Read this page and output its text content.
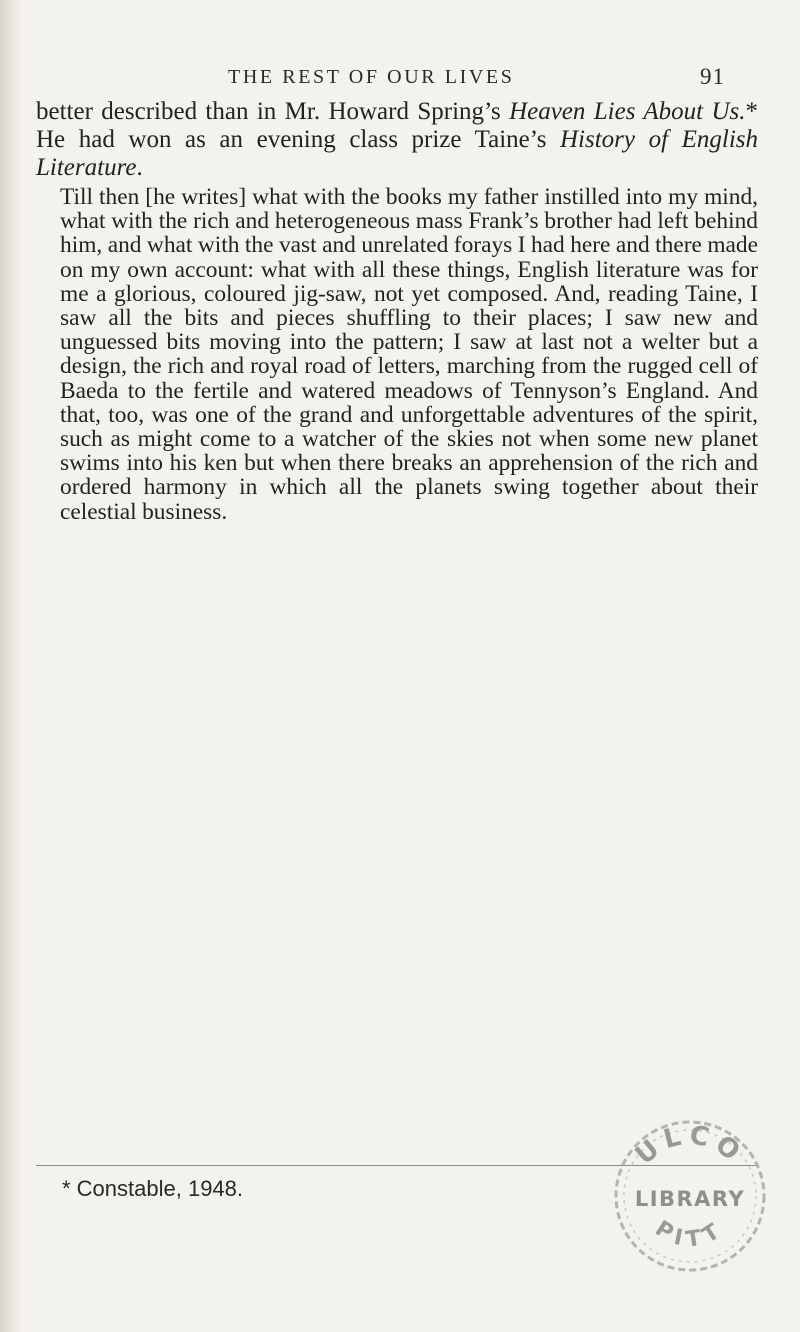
THE REST OF OUR LIVES	91

better described than in Mr. Howard Spring’s Heaven Lies About Us.* He had won as an evening class prize Taine’s History of English Literature.

Till then [he writes] what with the books my father instilled into my mind, what with the rich and heterogeneous mass Frank’s brother had left behind him, and what with the vast and unrelated forays I had here and there made on my own account: what with all these things, English literature was for me a glorious, coloured jig-saw, not yet composed. And, reading Taine, I saw all the bits and pieces shuffling to their places; I saw new and unguessed bits moving into the pattern; I saw at last not a welter but a design, the rich and royal road of letters, marching from the rugged cell of Baeda to the fertile and watered meadows of Tennyson’s England. And that, too, was one of the grand and unforgettable adventures of the spirit, such as might come to a watcher of the skies not when some new planet swims into his ken but when there breaks an apprehension of the rich and ordered harmony in which all the planets swing together about their celestial business.

* Constable, 1948.
ULCO
LIBRARY
PITT
